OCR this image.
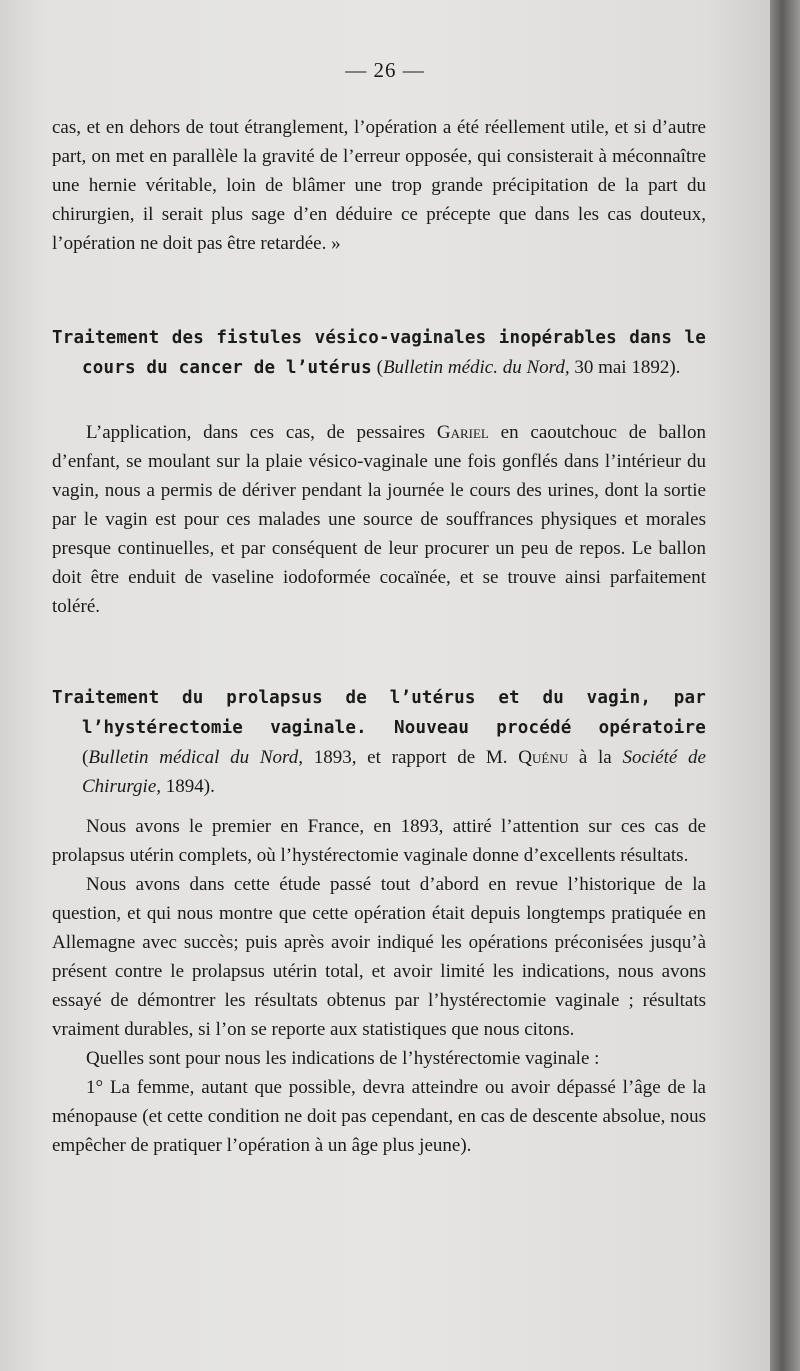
— 26 —

cas, et en dehors de tout étranglement, l’opération a été réellement utile, et si d’autre part, on met en parallèle la gravité de l’erreur opposée, qui consisterait à méconnaître une hernie véritable, loin de blâmer une trop grande précipitation de la part du chirurgien, il serait plus sage d’en déduire ce précepte que dans les cas douteux, l’opération ne doit pas être retardée. »

Traitement des fistules vésico-vaginales inopérables dans le cours du cancer de l’utérus (Bulletin médic. du Nord, 30 mai 1892).

L’application, dans ces cas, de pessaires Gariel en caoutchouc de ballon d’enfant, se moulant sur la plaie vésico-vaginale une fois gonflés dans l’intérieur du vagin, nous a permis de dériver pendant la journée le cours des urines, dont la sortie par le vagin est pour ces malades une source de souffrances physiques et morales presque continuelles, et par conséquent de leur procurer un peu de repos. Le ballon doit être enduit de vaseline iodoformée cocaïnée, et se trouve ainsi parfaitement toléré.

Traitement du prolapsus de l’utérus et du vagin, par l’hystérectomie vaginale. Nouveau procédé opératoire (Bulletin médical du Nord, 1893, et rapport de M. Quénu à la Société de Chirurgie, 1894).

Nous avons le premier en France, en 1893, attiré l’attention sur ces cas de prolapsus utérin complets, où l’hystérectomie vaginale donne d’excellents résultats.

Nous avons dans cette étude passé tout d’abord en revue l’historique de la question, et qui nous montre que cette opération était depuis longtemps pratiquée en Allemagne avec succès; puis après avoir indiqué les opérations préconisées jusqu’à présent contre le prolapsus utérin total, et avoir limité les indications, nous avons essayé de démontrer les résultats obtenus par l’hystérectomie vaginale ; résultats vraiment durables, si l’on se reporte aux statistiques que nous citons.

Quelles sont pour nous les indications de l’hystérectomie vaginale :

1° La femme, autant que possible, devra atteindre ou avoir dépassé l’âge de la ménopause (et cette condition ne doit pas cependant, en cas de descente absolue, nous empêcher de pratiquer l’opération à un âge plus jeune).
